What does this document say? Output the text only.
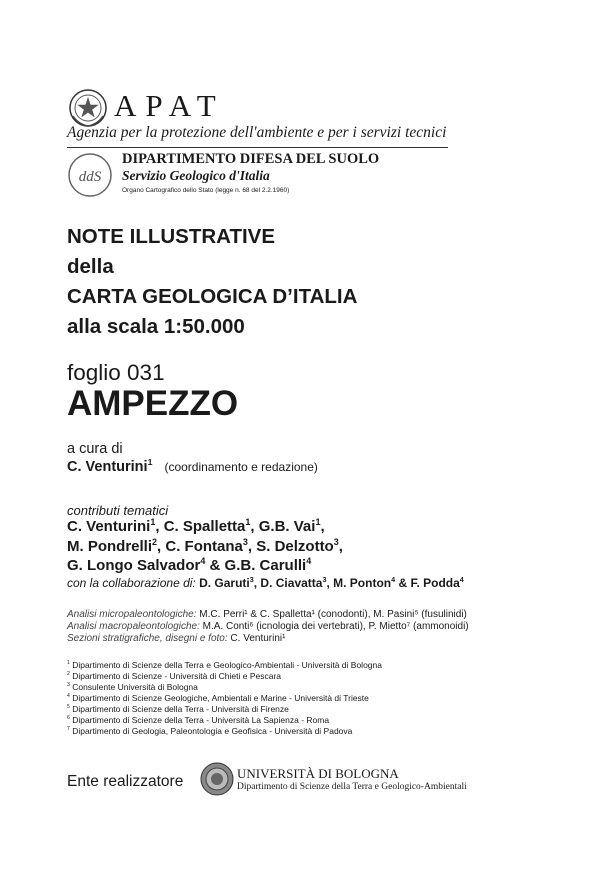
APAT
Agenzia per la protezione dell'ambiente e per i servizi tecnici
ddS
DIPARTIMENTO DIFESA DEL SUOLO
Servizio Geologico d'Italia
Organo Cartografico dello Stato (legge n. 68 del 2.2.1960)
NOTE ILLUSTRATIVE
della
CARTA GEOLOGICA D’ITALIA
alla scala 1:50.000
foglio 031
AMPEZZO
a cura di
C. Venturini$^1$ (coordinamento e redazione)
contributi tematici
C. Venturini$^1$, C. Spalletta$^1$, G.B. Vai$^1$,
M. Pondrelli$^2$, C. Fontana$^3$, S. Delzotto$^3$,
G. Longo Salvador$^4$ & G.B. Carulli$^4$
con la collaborazione di: D. Garuti$^3$, D. Ciavatta$^3$, M. Ponton$^4$ & F. Podda$^4$
Analisi micropaleontologiche: M.C. Perri¹ & C. Spalletta¹ (conodonti), M. Pasini⁵ (fusulinidi)
Analisi macropaleontologiche: M.A. Conti⁶ (icnologia dei vertebrati), P. Mietto⁷ (ammonoidi)
Sezioni stratigrafiche, disegni e foto: C. Venturini¹
$^1$ Dipartimento di Scienze della Terra e Geologico-Ambientali - Università di Bologna
$^2$ Dipartimento di Scienze - Università di Chieti e Pescara
$^3$ Consulente Università di Bologna
$^4$ Dipartimento di Scienze Geologiche, Ambientali e Marine - Università di Trieste
$^5$ Dipartimento di Scienze della Terra - Università di Firenze
$^6$ Dipartimento di Scienze della Terra - Università La Sapienza - Roma
$^7$ Dipartimento di Geologia, Paleontologia e Geofisica - Università di Padova
Ente realizzatore	UNIVERSITÀ DI BOLOGNA
Dipartimento di Scienze della Terra e Geologico-Ambientali
